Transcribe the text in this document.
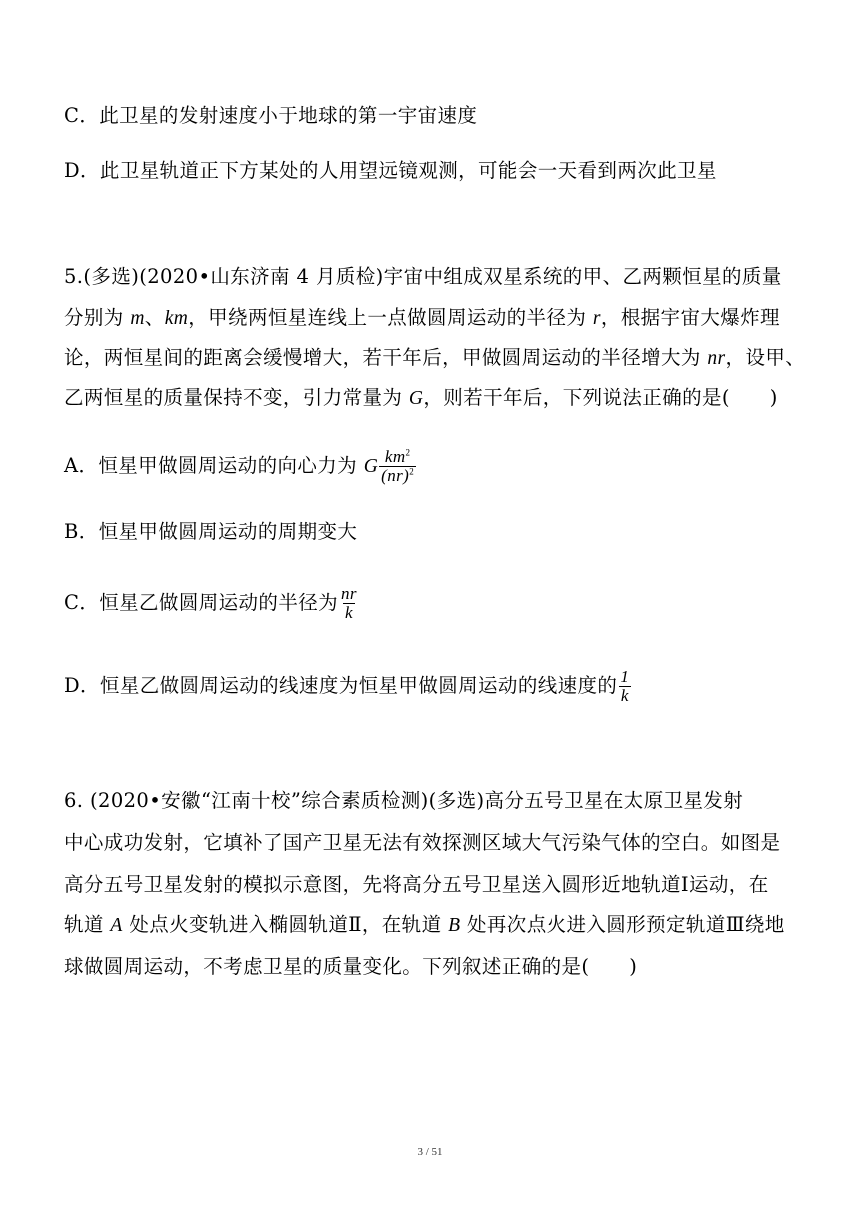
C．此卫星的发射速度小于地球的第一宇宙速度

D．此卫星轨道正下方某处的人用望远镜观测，可能会一天看到两次此卫星

5.(多选)(2020•山东济南 4 月质检)宇宙中组成双星系统的甲、乙两颗恒星的质量

分别为 m、km，甲绕两恒星连线上一点做圆周运动的半径为 r，根据宇宙大爆炸理

论，两恒星间的距离会缓慢增大，若干年后，甲做圆周运动的半径增大为 nr，设甲、

乙两恒星的质量保持不变，引力常量为 G，则若干年后，下列说法正确的是(　　)

A．恒星甲做圆周运动的向心力为 G $\frac{km^2}{(nr)^2}$

B．恒星甲做圆周运动的周期变大

C．恒星乙做圆周运动的半径为 $\frac{nr}{k}$

D．恒星乙做圆周运动的线速度为恒星甲做圆周运动的线速度的 $\frac{1}{k}$

6. (2020•安徽“江南十校”综合素质检测)(多选)高分五号卫星在太原卫星发射

中心成功发射，它填补了国产卫星无法有效探测区域大气污染气体的空白。如图是

高分五号卫星发射的模拟示意图，先将高分五号卫星送入圆形近地轨道Ⅰ运动，在

轨道 A 处点火变轨进入椭圆轨道Ⅱ，在轨道 B 处再次点火进入圆形预定轨道Ⅲ绕地

球做圆周运动，不考虑卫星的质量变化。下列叙述正确的是(　　)

3 / 51
